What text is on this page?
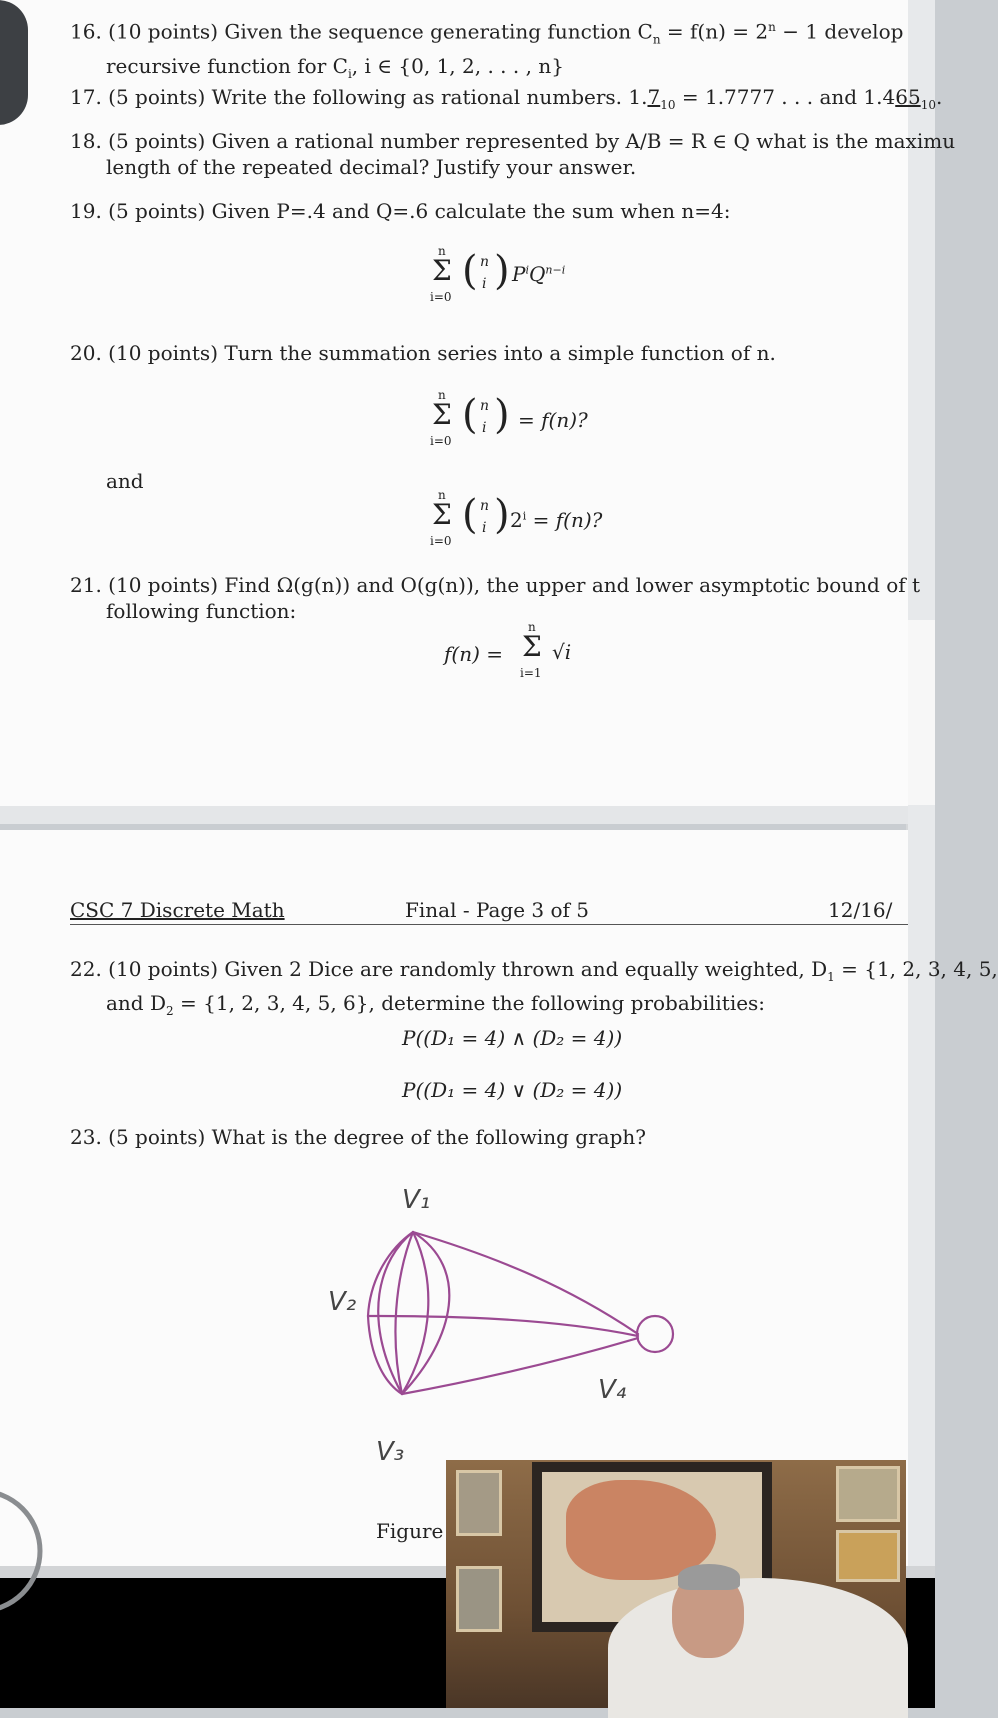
16. (10 points) Given the sequence generating function $C_n = f(n) = 2^n - 1$ develop
recursive function for $C_i$, i ∈ {0, 1, 2, . . . , n}
17. (5 points) Write the following as rational numbers. $1.7_{10} = 1.7777$ . . . and $1.465_{10}$.
18. (5 points) Given a rational number represented by A/B = R ∈ Q what is the maximu
length of the repeated decimal? Justify your answer.
19. (5 points) Given P=.4 and Q=.6 calculate the sum when n=4:
n
Σ
i=0
( n
i ) $P^iQ^{n-i}$
20. (10 points) Turn the summation series into a simple function of n.
n
Σ
i=0
( n
i ) = f(n)?
and
n
Σ
i=0
( n
i ) $2^i = f(n)$?
21. (10 points) Find Ω(g(n)) and O(g(n)), the upper and lower asymptotic bound of t
following function:
f(n) =
n
Σ
i=1
√i
CSC 7 Discrete Math	Final - Page 3 of 5	12/16/
22. (10 points) Given 2 Dice are randomly thrown and equally weighted, $D_1 = \{1$, 2, 3, 4, 5,
and $D_2 = \{1$, 2, 3, 4, 5, 6}, determine the following probabilities:
P((D₁ = 4) ∧ (D₂ = 4))
P((D₁ = 4) ∨ (D₂ = 4))
23. (5 points) What is the degree of the following graph?
V₁
V₂
V₃
V₄
Figure
